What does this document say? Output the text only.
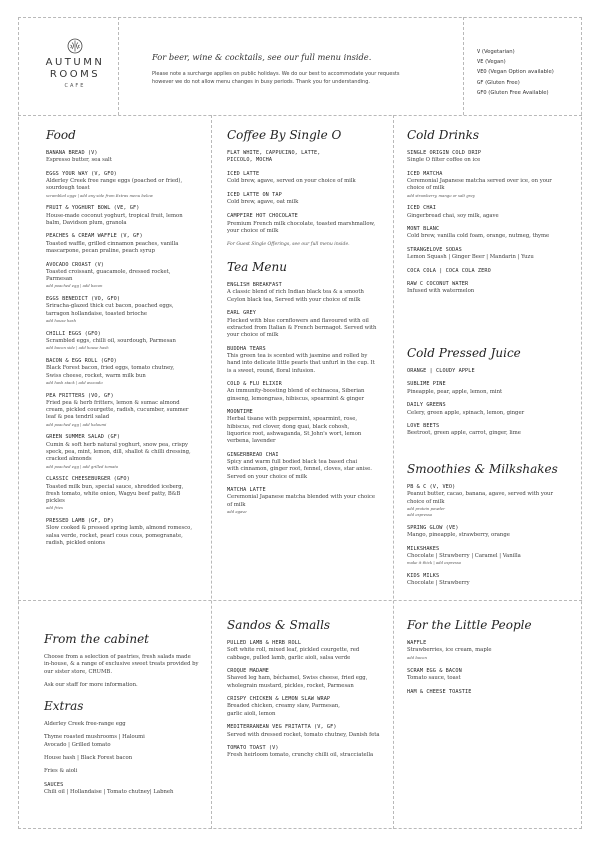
AUTUMN
ROOMS
CAFE
For beer, wine & cocktails, see our full menu inside.
Please note a surcharge applies on public holidays. We do our best to accommodate your requests
however we do not allow menu changes in busy periods. Thank you for understanding.
V (Vegetarian)
VE (Vegan)
VEO (Vegan Option available)
GF (Gluten Free)
GFO (Gluten Free Available)
Food
BANANA BREAD (V)
Espresso butter, sea salt
EGGS YOUR WAY (V, GFO)
Alderley Creek free range eggs (poached or fried),
sourdough toast
scrambled eggs | add any side from Extras menu below
FRUIT & YOGHURT BOWL (VE, GF)
House-made coconut yoghurt, tropical fruit, lemon
balm, Davidson plum, granola
PEACHES & CREAM WAFFLE (V, GF)
Toasted waffle, grilled cinnamon peaches, vanilla
mascarpone, pecan praline, peach syrup
AVOCADO CROAST (V)
Toasted croissant, guacamole, dressed rocket,
Parmesan
add poached egg | add bacon
EGGS BENEDICT (VO, GFO)
Sriracha-glazed thick cut bacon, poached eggs,
tarragon hollandaise, toasted brioche
add house hash
CHILLI EGGS (GFO)
Scrambled eggs, chilli oil, sourdough, Parmesan
add bacon side | add house hash
BACON & EGG ROLL (GFO)
Black Forest bacon, fried eggs, tomato chutney,
Swiss cheese, rocket, warm milk bun
add hash stack | add avocado
PEA FRITTERS (VO, GF)
Fried pea & herb fritters, lemon & sumac almond
cream, pickled courgette, radish, cucumber, summer
leaf & pea tendril salad
add poached egg | add haloumi
GREEN SUMMER SALAD (GF)
Cumin & soft herb natural yoghurt, snow pea, crispy
speck, pea, mint, lemon, dill, shallot & chilli dressing,
cracked almonds
add poached egg | add grilled tomato
CLASSIC CHEESEBURGER (GFO)
Toasted milk bun, special sauce, shredded iceberg,
fresh tomato, white onion, Wagyu beef patty, B&B
pickles
add fries
PRESSED LAMB (GF, DF)
Slow cooked & pressed spring lamb, almond romesco,
salsa verde, rocket, pearl cous cous, pomegranate,
radish, pickled onions
From the cabinet
Choose from a selection of pastries, fresh salads made
in-house, & a range of exclusive sweet treats provided by
our sister store, CRUMB.
Ask our staff for more information.
Extras
Alderley Creek free-range egg
Thyme roasted mushrooms | Haloumi
Avocado | Grilled tomato
House hash | Black Forest bacon
Fries & aioli
SAUCES
Chili oil | Hollandaise | Tomato chutney| Labneh
Coffee By Single O
FLAT WHITE, CAPPUCINO, LATTE,
PICCOLO, MOCHA
ICED LATTE
Cold brew, agave, served on your choice of milk
ICED LATTE ON TAP
Cold brew, agave, oat milk
CAMPFIRE HOT CHOCOLATE
Premium French milk chocolate, toasted marshmallow,
your choice of milk
For Guest Single Offerings, see our full menu inside.
Tea Menu
ENGLISH BREAKFAST
A classic blend of rich Indian black tea & a smooth
Ceylon black tea, Served with your choice of milk
EARL GREY
Flecked with blue cornflowers and flavoured with oil
extracted from Italian & French bermagot. Served with
your choice of milk
BUDDHA TEARS
This green tea is scented with jasmine and rolled by
hand into delicate little pearls that unfurl in the cup. It
is a sweet, round, floral infusion.
COLD & FLU ELIXIR
An immunity-boosting blend of echinacea, Siberian
ginseng, lemongrass, hibiscus, spearmint & ginger
MOONTIME
Herbal tisane with peppermint, spearmint, rose,
hibiscus, red clover, dong quai, black cohosh,
liquorice root, ashwaganda, St John's wort, lemon
verbena, lavender
GINGERBREAD CHAI
Spicy and warm full bodied black tea based chai
with cinnamon, ginger root, fennel, cloves, star anise.
Served on your choice of milk
MATCHA LATTE
Ceremonial Japanese matcha blended with your choice
of milk
add agave
Sandos & Smalls
PULLED LAMB & HERB ROLL
Soft white roll, mixed leaf, pickled courgette, red
cabbage, pulled lamb, garlic aioli, salsa verde
CROQUE MADAME
Shaved leg ham, béchamel, Swiss cheese, fried egg,
wholegrain mustard, pickles, rocket, Parmesan
CRISPY CHICKEN & LEMON SLAW WRAP
Breaded chicken, creamy slaw, Parmesan,
garlic aioli, lemon
MEDITERRANEAN VEG FRITATTA (V, GF)
Served with dressed rocket, tomato chutney, Danish feta
TOMATO TOAST (V)
Fresh heirloom tomato, crunchy chilli oil, stracciatella
Cold Drinks
SINGLE ORIGIN COLD DRIP
Single O filter coffee on ice
ICED MATCHA
Ceremonial Japanese matcha served over ice, on your
choice of milk
add strawberry, mango or salt grey
ICED CHAI
Gingerbread chai, soy milk, agave
MONT BLANC
Cold brew, vanilla cold foam, orange, nutmeg, thyme
STRANGELOVE SODAS
Lemon Squash | Ginger Beer | Mandarin | Yuzu
COCA COLA | COCA COLA ZERO
RAW C COCONUT WATER
Infused with watermelon
Cold Pressed Juice
ORANGE | CLOUDY APPLE
SUBLIME PINE
Pineapple, pear, apple, lemon, mint
DAILY GREENS
Celery, green apple, spinach, lemon, ginger
LOVE BEETS
Beetroot, green apple, carrot, ginger, lime
Smoothies & Milkshakes
PB & C (V, VEO)
Peanut butter, cacao, banana, agave, served with your
choice of milk
add protein powder
add espresso
SPRING GLOW (VE)
Mango, pineapple, strawberry, orange
MILKSHAKES
Chocolate | Strawberry | Caramel | Vanilla
make it thick | add espresso
KIDS MILKS
Chocolate | Strawberry
For the Little People
WAFFLE
Strawberries, ice cream, maple
add bacon
SCRAM EGG & BACON
Tomato sauce, toast
HAM & CHEESE TOASTIE
